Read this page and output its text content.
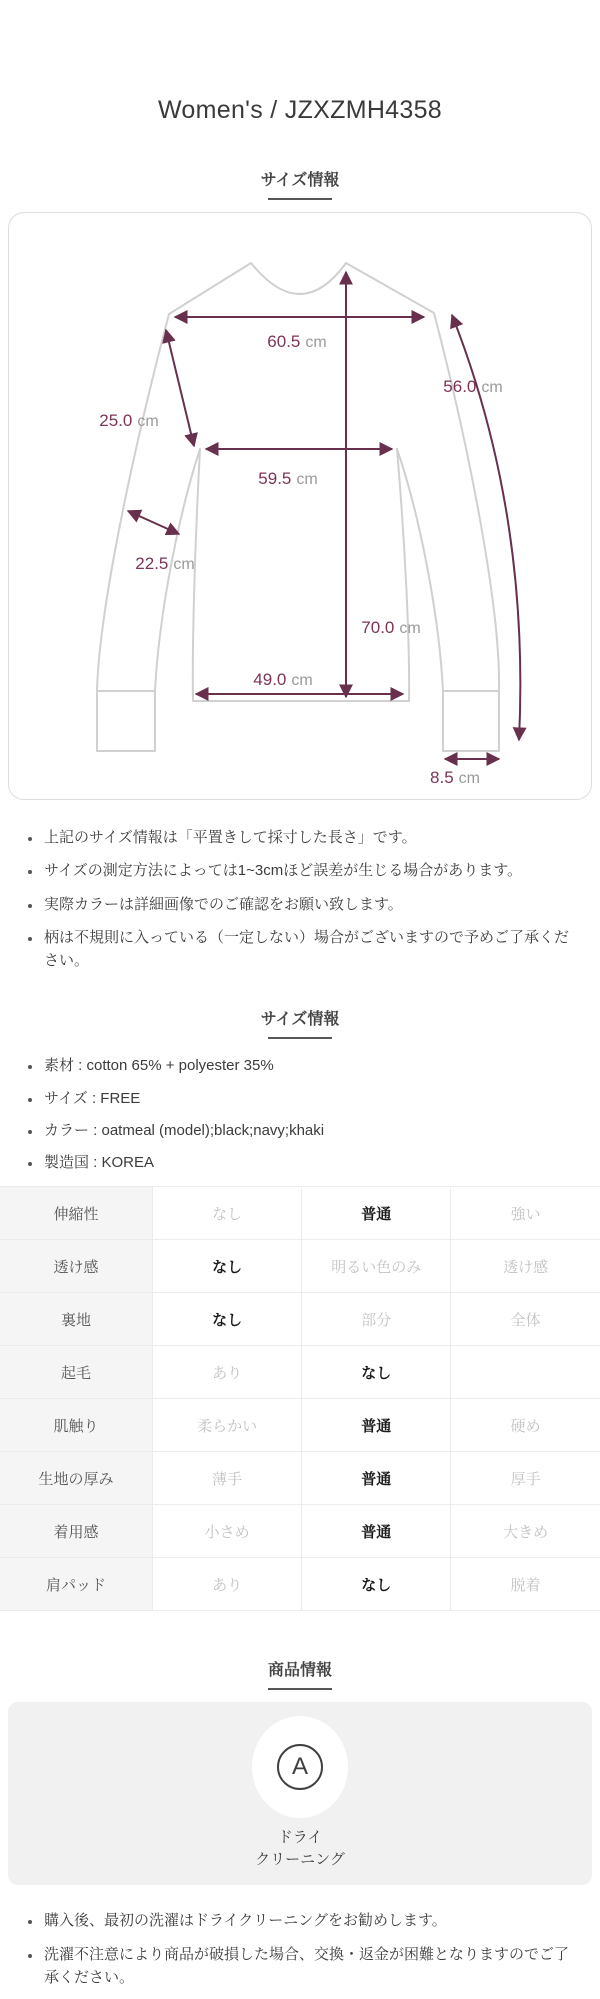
Women's / JZXZMH4358
サイズ情報
60.5 cm
56.0 cm
25.0 cm
59.5 cm
22.5 cm
70.0 cm
49.0 cm
8.5 cm
• 上記のサイズ情報は「平置きして採寸した長さ」です。
• サイズの測定方法によっては1~3cmほど誤差が生じる場合があります。
• 実際カラーは詳細画像でのご確認をお願い致します。
• 柄は不規則に入っている（一定しない）場合がございますので予めご了承ください。
サイズ情報
• 素材 : cotton 65% + polyester 35%
• サイズ : FREE
• カラー : oatmeal (model);black;navy;khaki
• 製造国 : KOREA
伸縮性	なし	普通	強い
透け感	なし	明るい色のみ	透け感
裏地	なし	部分	全体
起毛	あり	なし	
肌触り	柔らかい	普通	硬め
生地の厚み	薄手	普通	厚手
着用感	小さめ	普通	大きめ
肩パッド	あり	なし	脱着
商品情報
A
ドライ
クリーニング
• 購入後、最初の洗濯はドライクリーニングをお勧めします。
• 洗濯不注意により商品が破損した場合、交換・返金が困難となりますのでご了承ください。
